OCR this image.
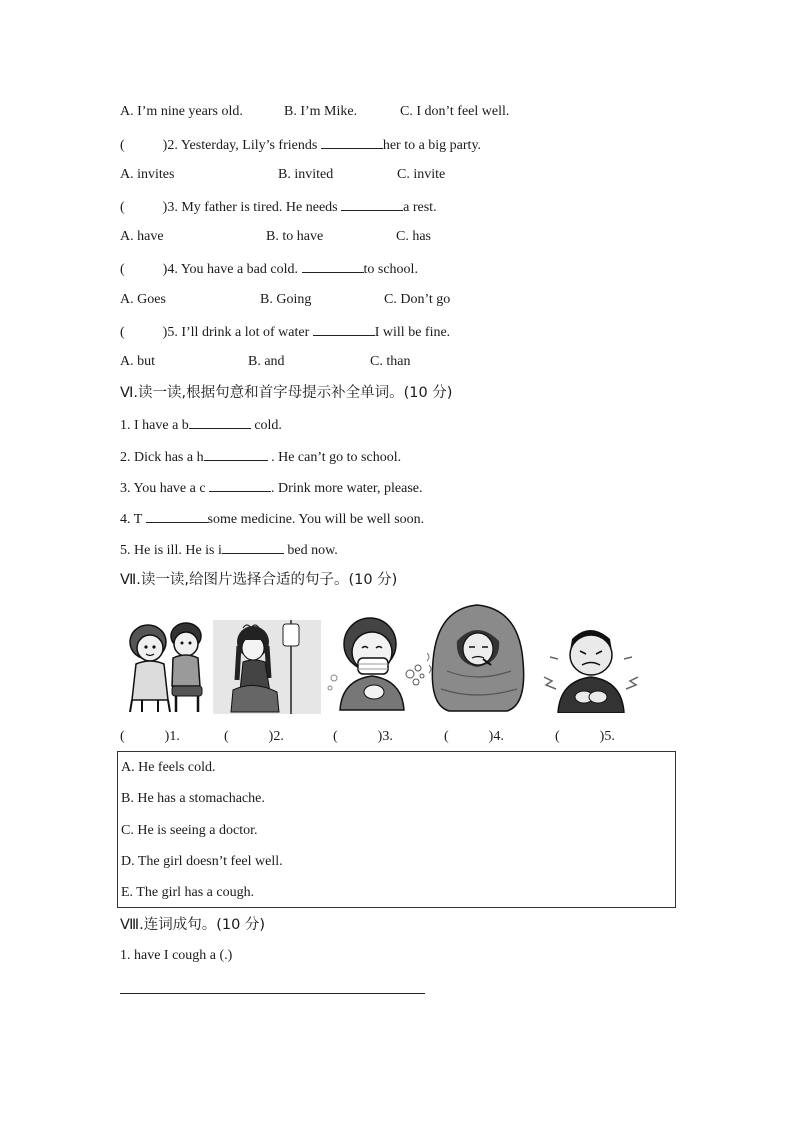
A. I’m nine years old.	B. I’m Mike.	C. I don’t feel well.
(	)2. Yesterday, Lily’s friends	her to a big party.
A. invites	B. invited	C. invite
(	)3. My father is tired. He needs	a rest.
A. have	B. to have	C. has
(	)4. You have a bad cold.	to school.
A. Goes	B. Going	C. Don’t go
(	)5. I’ll drink a lot of water	I will be fine.
A. but	B. and	C. than
Ⅵ.读一读,根据句意和首字母提示补全单词。(10 分)
1. I have a b	cold.
2. Dick has a h	. He can’t go to school.
3. You have a c	. Drink more water, please.
4. T	some medicine. You will be well soon.
5. He is ill. He is i	bed now.
Ⅶ.读一读,给图片选择合适的句子。(10 分)
(	)1.	(	)2.	(	)3.	(	)4.	(	)5.
A. He feels cold.
B. He has a stomachache.
C. He is seeing a doctor.
D. The girl doesn’t feel well.
E. The girl has a cough.
Ⅷ.连词成句。(10 分)
1. have I cough a (.)
